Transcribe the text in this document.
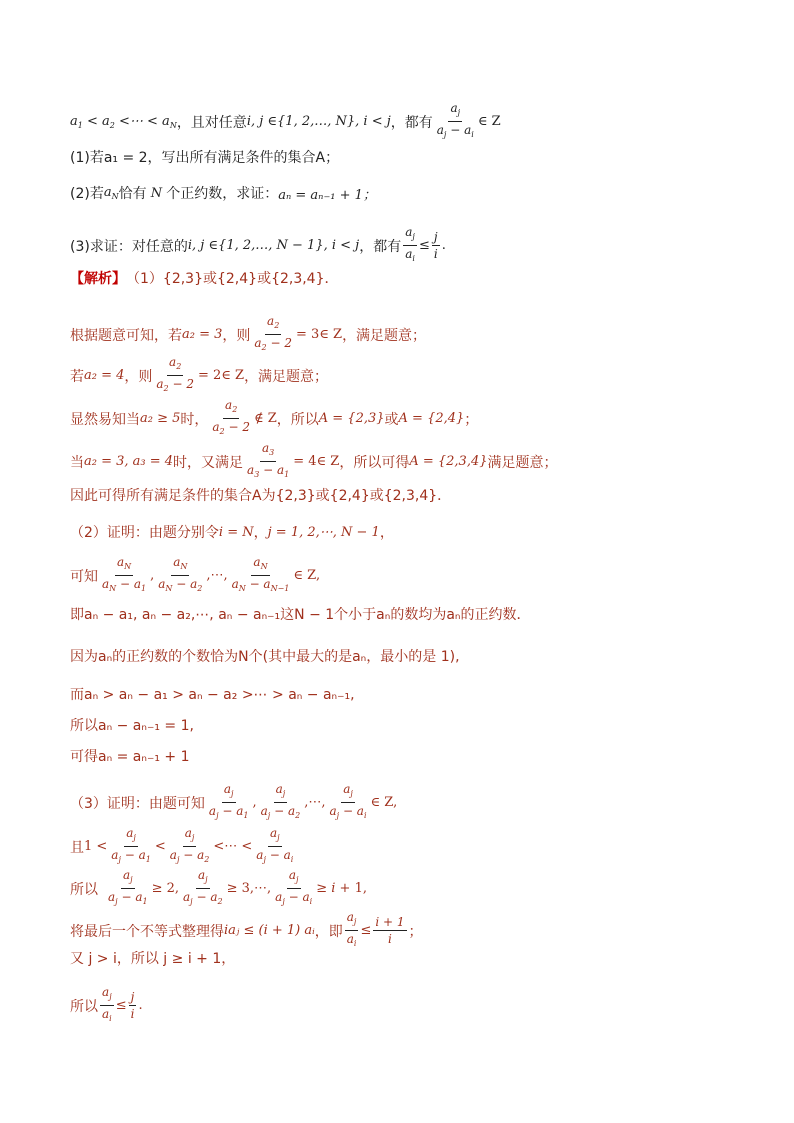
$a_1 < a_2$ <⋯ < $a_N$ ，且对任意 i, j ∈{1, 2,…, N}, i < j ，都有 $\frac{a_j}{a_j - a_i}$ ∈ Z
(1)若a₁ = 2，写出所有满足条件的集合A；
(2)若 $a_N$ 恰有 N 个正约数，求证： aₙ = aₙ₋₁ + 1；
(3)求证：对任意的 i, j ∈{1, 2,…, N − 1}, i < j ，都有 $\frac{a_j}{a_i} \le \frac{j}{i}$ .
【解析】 （1）{2,3}或{2,4}或{2,3,4}．
根据题意可知，若 a₂ = 3 ，则 $\frac{a_2}{a_2 - 2}$ = 3∈ Z ，满足题意；
若 a₂ = 4 ，则 $\frac{a_2}{a_2 - 2}$ = 2∈ Z ，满足题意；
显然易知当 a₂ ≥ 5 时， $\frac{a_2}{a_2 - 2}$ ∉ Z ，所以 A = {2,3} 或 A = {2,4} ；
当 a₂ = 3, a₃ = 4 时，又满足 $\frac{a_3}{a_3 - a_1}$ = 4∈ Z ，所以可得 A = {2,3,4} 满足题意；
因此可得所有满足条件的集合A为{2,3}或{2,4}或{2,3,4}．
（2）证明：由题分别令 i = N ， j = 1, 2,⋯, N − 1 ，
可知 $\frac{a_N}{a_N - a_1}$ , $\frac{a_N}{a_N - a_2}$ ,⋯, $\frac{a_N}{a_N - a_{N-1}}$ ∈ Z,
即aₙ − a₁, aₙ − a₂,⋯, aₙ − aₙ₋₁这N − 1个小于aₙ的数均为aₙ的正约数．
因为aₙ的正约数的个数恰为N个(其中最大的是aₙ，最小的是 1),
而aₙ > aₙ − a₁ > aₙ − a₂ >⋯ > aₙ − aₙ₋₁,
所以aₙ − aₙ₋₁ = 1,
可得aₙ = aₙ₋₁ + 1
（3）证明：由题可知 $\frac{a_j}{a_j - a_1}$ , $\frac{a_j}{a_j - a_2}$ ,⋯, $\frac{a_j}{a_j - a_i}$ ∈ Z,
且 $1 < \frac{a_j}{a_j - a_1} < \frac{a_j}{a_j - a_2}$ <⋯ < $\frac{a_j}{a_j - a_i}$
所以 $\frac{a_j}{a_j - a_1} \ge 2$, $\frac{a_j}{a_j - a_2}$ ≥ 3,⋯, $\frac{a_j}{a_j - a_i} \ge i + 1$,
将最后一个不等式整理得 iaⱼ ≤ (i + 1) aᵢ ，即 $\frac{a_j}{a_i} \le \frac{i + 1}{i}$ ；
又 j > i，所以 j ≥ i + 1，
所以 $\frac{a_j}{a_i} \le \frac{j}{i}$ .
